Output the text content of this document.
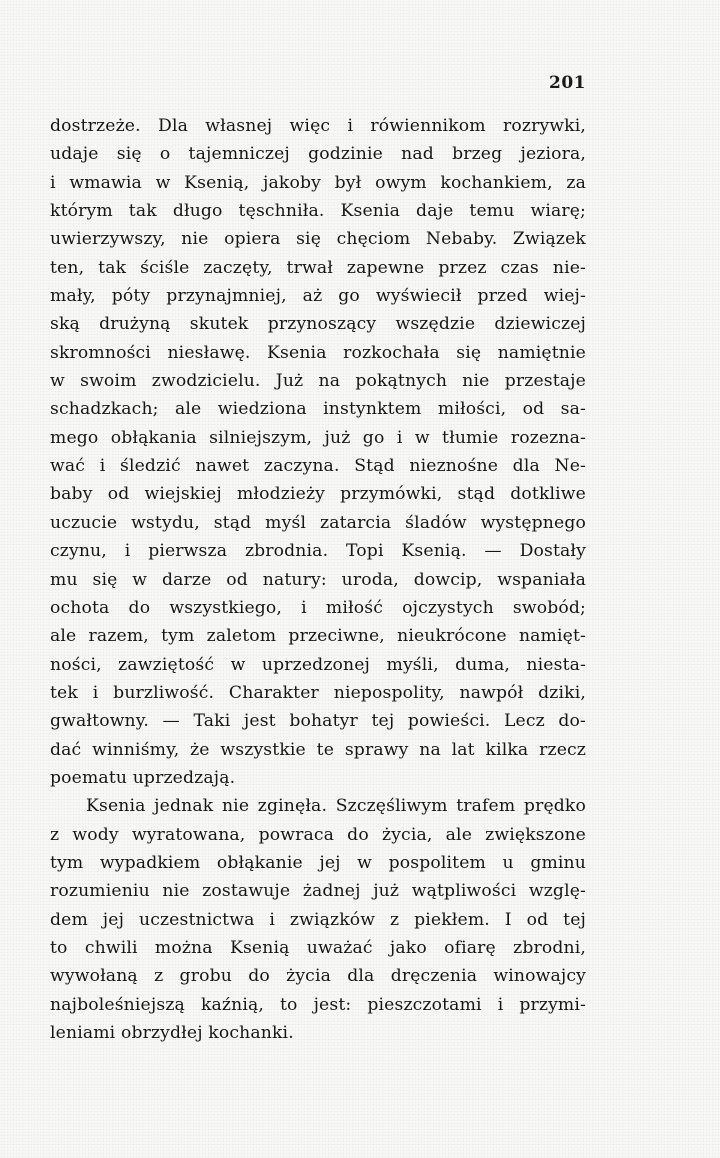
201
dostrzeże. Dla własnej więc i rówiennikom rozrywki,
udaje się o tajemniczej godzinie nad brzeg jeziora,
i wmawia w Ksenią, jakoby był owym kochankiem, za
którym tak długo tęschniła. Ksenia daje temu wiarę;
uwierzywszy, nie opiera się chęciom Nebaby. Związek
ten, tak ściśle zaczęty, trwał zapewne przez czas nie-
mały, póty przynajmniej, aż go wyświecił przed wiej-
ską drużyną skutek przynoszący wszędzie dziewiczej
skromności niesławę. Ksenia rozkochała się namiętnie
w swoim zwodzicielu. Już na pokątnych nie przestaje
schadzkach; ale wiedziona instynktem miłości, od sa-
mego obłąkania silniejszym, już go i w tłumie rozezna-
wać i śledzić nawet zaczyna. Stąd nieznośne dla Ne-
baby od wiejskiej młodzieży przymówki, stąd dotkliwe
uczucie wstydu, stąd myśl zatarcia śladów występnego
czynu, i pierwsza zbrodnia. Topi Ksenią. — Dostały
mu się w darze od natury: uroda, dowcip, wspaniała
ochota do wszystkiego, i miłość ojczystych swobód;
ale razem, tym zaletom przeciwne, nieukrócone namięt-
ności, zawziętość w uprzedzonej myśli, duma, niesta-
tek i burzliwość. Charakter niepospolity, nawpół dziki,
gwałtowny. — Taki jest bohatyr tej powieści. Lecz do-
dać winniśmy, że wszystkie te sprawy na lat kilka rzecz
poematu uprzedzają.
Ksenia jednak nie zginęła. Szczęśliwym trafem prędko
z wody wyratowana, powraca do życia, ale zwiększone
tym wypadkiem obłąkanie jej w pospolitem u gminu
rozumieniu nie zostawuje żadnej już wątpliwości wzglę-
dem jej uczestnictwa i związków z piekłem. I od tej
to chwili można Ksenią uważać jako ofiarę zbrodni,
wywołaną z grobu do życia dla dręczenia winowajcy
najboleśniejszą kaźnią, to jest: pieszczotami i przymi-
leniami obrzydłej kochanki.
